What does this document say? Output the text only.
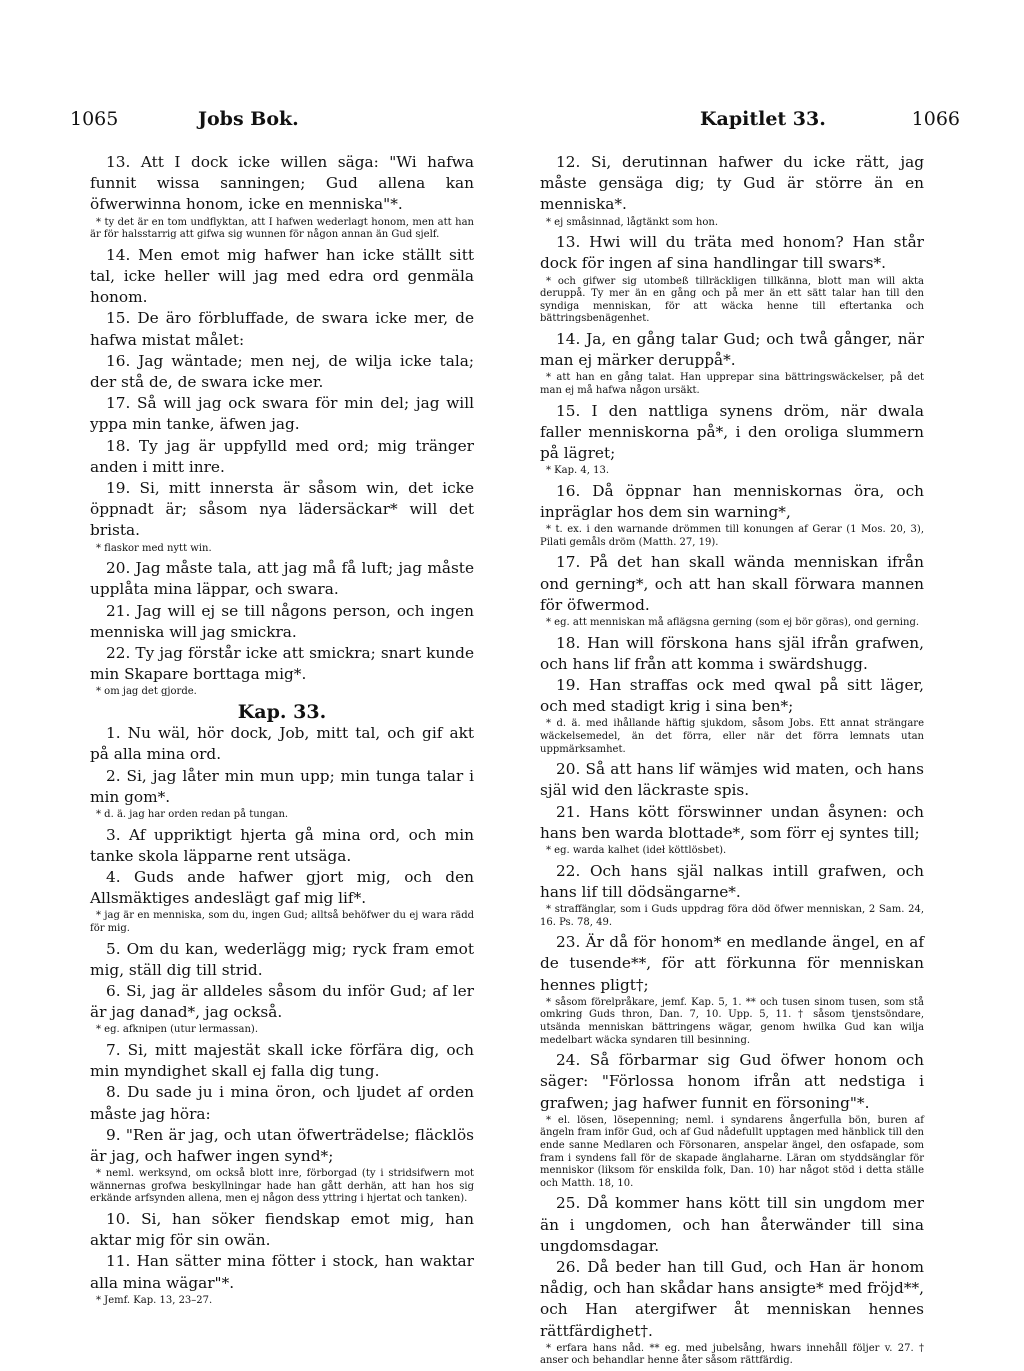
1065	Jobs Bok.	Kapitlet 33.	1066

13. Att I dock icke willen säga: "Wi hafwa funnit wissa sanningen; Gud allena kan öfwerwinna honom, icke en menniska"*.

* ty det är en tom undflyktan, att I hafwen wederlagt honom, men att han är för halsstarrig att gifwa sig wunnen för någon annan än Gud sjelf.

14. Men emot mig hafwer han icke ställt sitt tal, icke heller will jag med edra ord genmäla honom.

15. De äro förbluffade, de swara icke mer, de hafwa mistat målet:

16. Jag wäntade; men nej, de wilja icke tala; der stå de, de swara icke mer.

17. Så will jag ock swara för min del; jag will yppa min tanke, äfwen jag.

18. Ty jag är uppfylld med ord; mig tränger anden i mitt inre.

19. Si, mitt innersta är såsom win, det icke öppnadt är; såsom nya lädersäckar* will det brista.

* flaskor med nytt win.

20. Jag måste tala, att jag må få luft; jag måste upplåta mina läppar, och swara.

21. Jag will ej se till någons person, och ingen menniska will jag smickra.

22. Ty jag förstår icke att smickra; snart kunde min Skapare borttaga mig*.

* om jag det gjorde.

Kap. 33.

1. Nu wäl, hör dock, Job, mitt tal, och gif akt på alla mina ord.

2. Si, jag låter min mun upp; min tunga talar i min gom*.

* d. ä. jag har orden redan på tungan.

3. Af uppriktigt hjerta gå mina ord, och min tanke skola läpparne rent utsäga.

4. Guds ande hafwer gjort mig, och den Allsmäktiges andeslägt gaf mig lif*.

* jag är en menniska, som du, ingen Gud; alltså behöfwer du ej wara rädd för mig.

5. Om du kan, wederlägg mig; ryck fram emot mig, ställ dig till strid.

6. Si, jag är alldeles såsom du inför Gud; af ler är jag danad*, jag också.

* eg. afknipen (utur lermassan).

7. Si, mitt majestät skall icke förfära dig, och min myndighet skall ej falla dig tung.

8. Du sade ju i mina öron, och ljudet af orden måste jag höra:

9. "Ren är jag, och utan öfwerträdelse; fläcklös är jag, och hafwer ingen synd*;

* neml. werksynd, om också blott inre, förborgad (ty i stridsifwern mot wännernas grofwa beskyllningar hade han gått derhän, att han hos sig erkände arfsynden allena, men ej någon dess yttring i hjertat och tanken).

10. Si, han söker fiendskap emot mig, han aktar mig för sin owän.

11. Han sätter mina fötter i stock, han waktar alla mina wägar"*.

* Jemf. Kap. 13, 23–27.

12. Si, derutinnan hafwer du icke rätt, jag måste gensäga dig; ty Gud är större än en menniska*.

* ej småsinnad, lågtänkt som hon.

13. Hwi will du träta med honom? Han står dock för ingen af sina handlingar till swars*.

* och gifwer sig utombeß tillräckligen tillkänna, blott man will akta deruppå. Ty mer än en gång och på mer än ett sätt talar han till den syndiga menniskan, för att wäcka henne till eftertanka och bättringsbenägenhet.

14. Ja, en gång talar Gud; och twå gånger, när man ej märker deruppå*.

* att han en gång talat. Han upprepar sina bättringswäckelser, på det man ej må hafwa någon ursäkt.

15. I den nattliga synens dröm, när dwala faller menniskorna på*, i den oroliga slummern på lägret;

* Kap. 4, 13.

16. Då öppnar han menniskornas öra, och inpräglar hos dem sin warning*,

* t. ex. i den warnande drömmen till konungen af Gerar (1 Mos. 20, 3), Pilati gemåls dröm (Matth. 27, 19).

17. På det han skall wända menniskan ifrån ond gerning*, och att han skall förwara mannen för öfwermod.

* eg. att menniskan må aflägsna gerning (som ej bör göras), ond gerning.

18. Han will förskona hans själ ifrån grafwen, och hans lif från att komma i swärdshugg.

19. Han straffas ock med qwal på sitt läger, och med stadigt krig i sina ben*;

* d. ä. med ihållande häftig sjukdom, såsom Jobs. Ett annat strängare wäckelsemedel, än det förra, eller när det förra lemnats utan uppmärksamhet.

20. Så att hans lif wämjes wid maten, och hans själ wid den läckraste spis.

21. Hans kött förswinner undan åsynen: och hans ben warda blottade*, som förr ej syntes till;

* eg. warda kalhet (ideł köttlösbet).

22. Och hans själ nalkas intill grafwen, och hans lif till dödsängarne*.

* straffänglar, som i Guds uppdrag föra död öfwer menniskan, 2 Sam. 24, 16. Ps. 78, 49.

23. Är då för honom* en medlande ängel, en af de tusende**, för att förkunna för menniskan hennes pligt†;

* såsom förelpråkare, jemf. Kap. 5, 1. ** och tusen sinom tusen, som stå omkring Guds thron, Dan. 7, 10. Upp. 5, 11. † såsom tjenstsöndare, utsända menniskan bättringens wägar, genom hwilka Gud kan wilja medelbart wäcka syndaren till besinning.

24. Så förbarmar sig Gud öfwer honom och säger: "Förlossa honom ifrån att nedstiga i grafwen; jag hafwer funnit en försoning"*.

* el. lösen, lösepenning; neml. i syndarens ångerfulla bön, buren af ängeln fram inför Gud, och af Gud nådefullt upptagen med hänblick till den ende sanne Medlaren och Försonaren, anspelar ängel, den osfapade, som fram i syndens fall för de skapade änglaharne. Läran om styddsänglar för menniskor (liksom för enskilda folk, Dan. 10) har något stöd i detta ställe och Matth. 18, 10.

25. Då kommer hans kött till sin ungdom mer än i ungdomen, och han återwänder till sina ungdomsdagar.

26. Då beder han till Gud, och Han är honom nådig, och han skådar hans ansigte* med fröjd**, och Han atergifwer åt menniskan hennes rättfärdighet†.

* erfara hans nåd. ** eg. med jubelsång, hwars innehåll följer v. 27. † anser och behandlar henne åter såsom rättfärdig.
